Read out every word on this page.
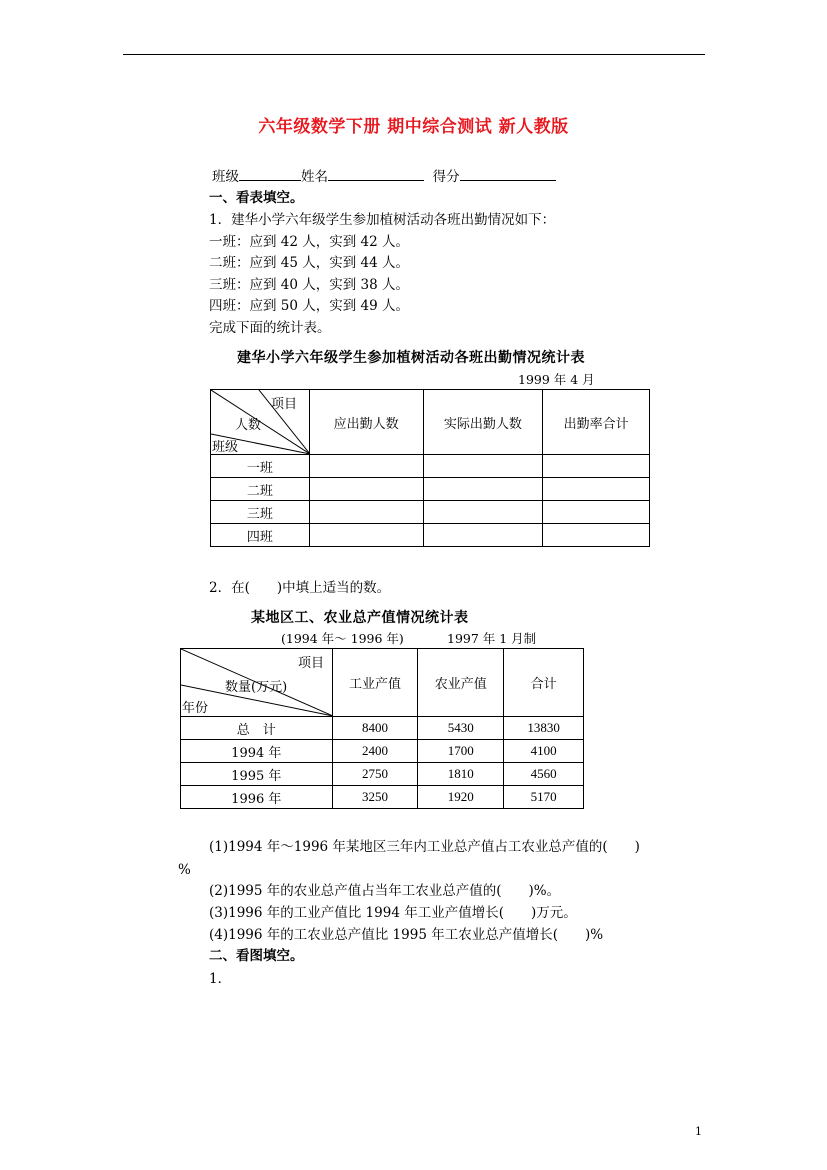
六年级数学下册 期中综合测试 新人教版
班级	姓名	得分
一、看表填空。
1．建华小学六年级学生参加植树活动各班出勤情况如下：
一班：应到 42 人，实到 42 人。
二班：应到 45 人，实到 44 人。
三班：应到 40 人，实到 38 人。
四班：应到 50 人，实到 49 人。
完成下面的统计表。
建华小学六年级学生参加植树活动各班出勤情况统计表
1999 年 4 月
项目
人数
班级	应出勤人数	实际出勤人数	出勤率合计
一班			
二班			
三班			
四班			
2．在(　　)中填上适当的数。
某地区工、农业总产值情况统计表
(1994 年～ 1996 年)	1997 年 1 月制
项目
数量(万元)
年份	工业产值	农业产值	合计
总　计	8400	5430	13830
1994 年	2400	1700	4100
1995 年	2750	1810	4560
1996 年	3250	1920	5170
(1)1994 年～1996 年某地区三年内工业总产值占工农业总产值的(　　)
%
(2)1995 年的农业总产值占当年工农业总产值的(　　)%。
(3)1996 年的工业产值比 1994 年工业产值增长(　　)万元。
(4)1996 年的工农业总产值比 1995 年工农业总产值增长(　　)%
二、看图填空。
1．
1
